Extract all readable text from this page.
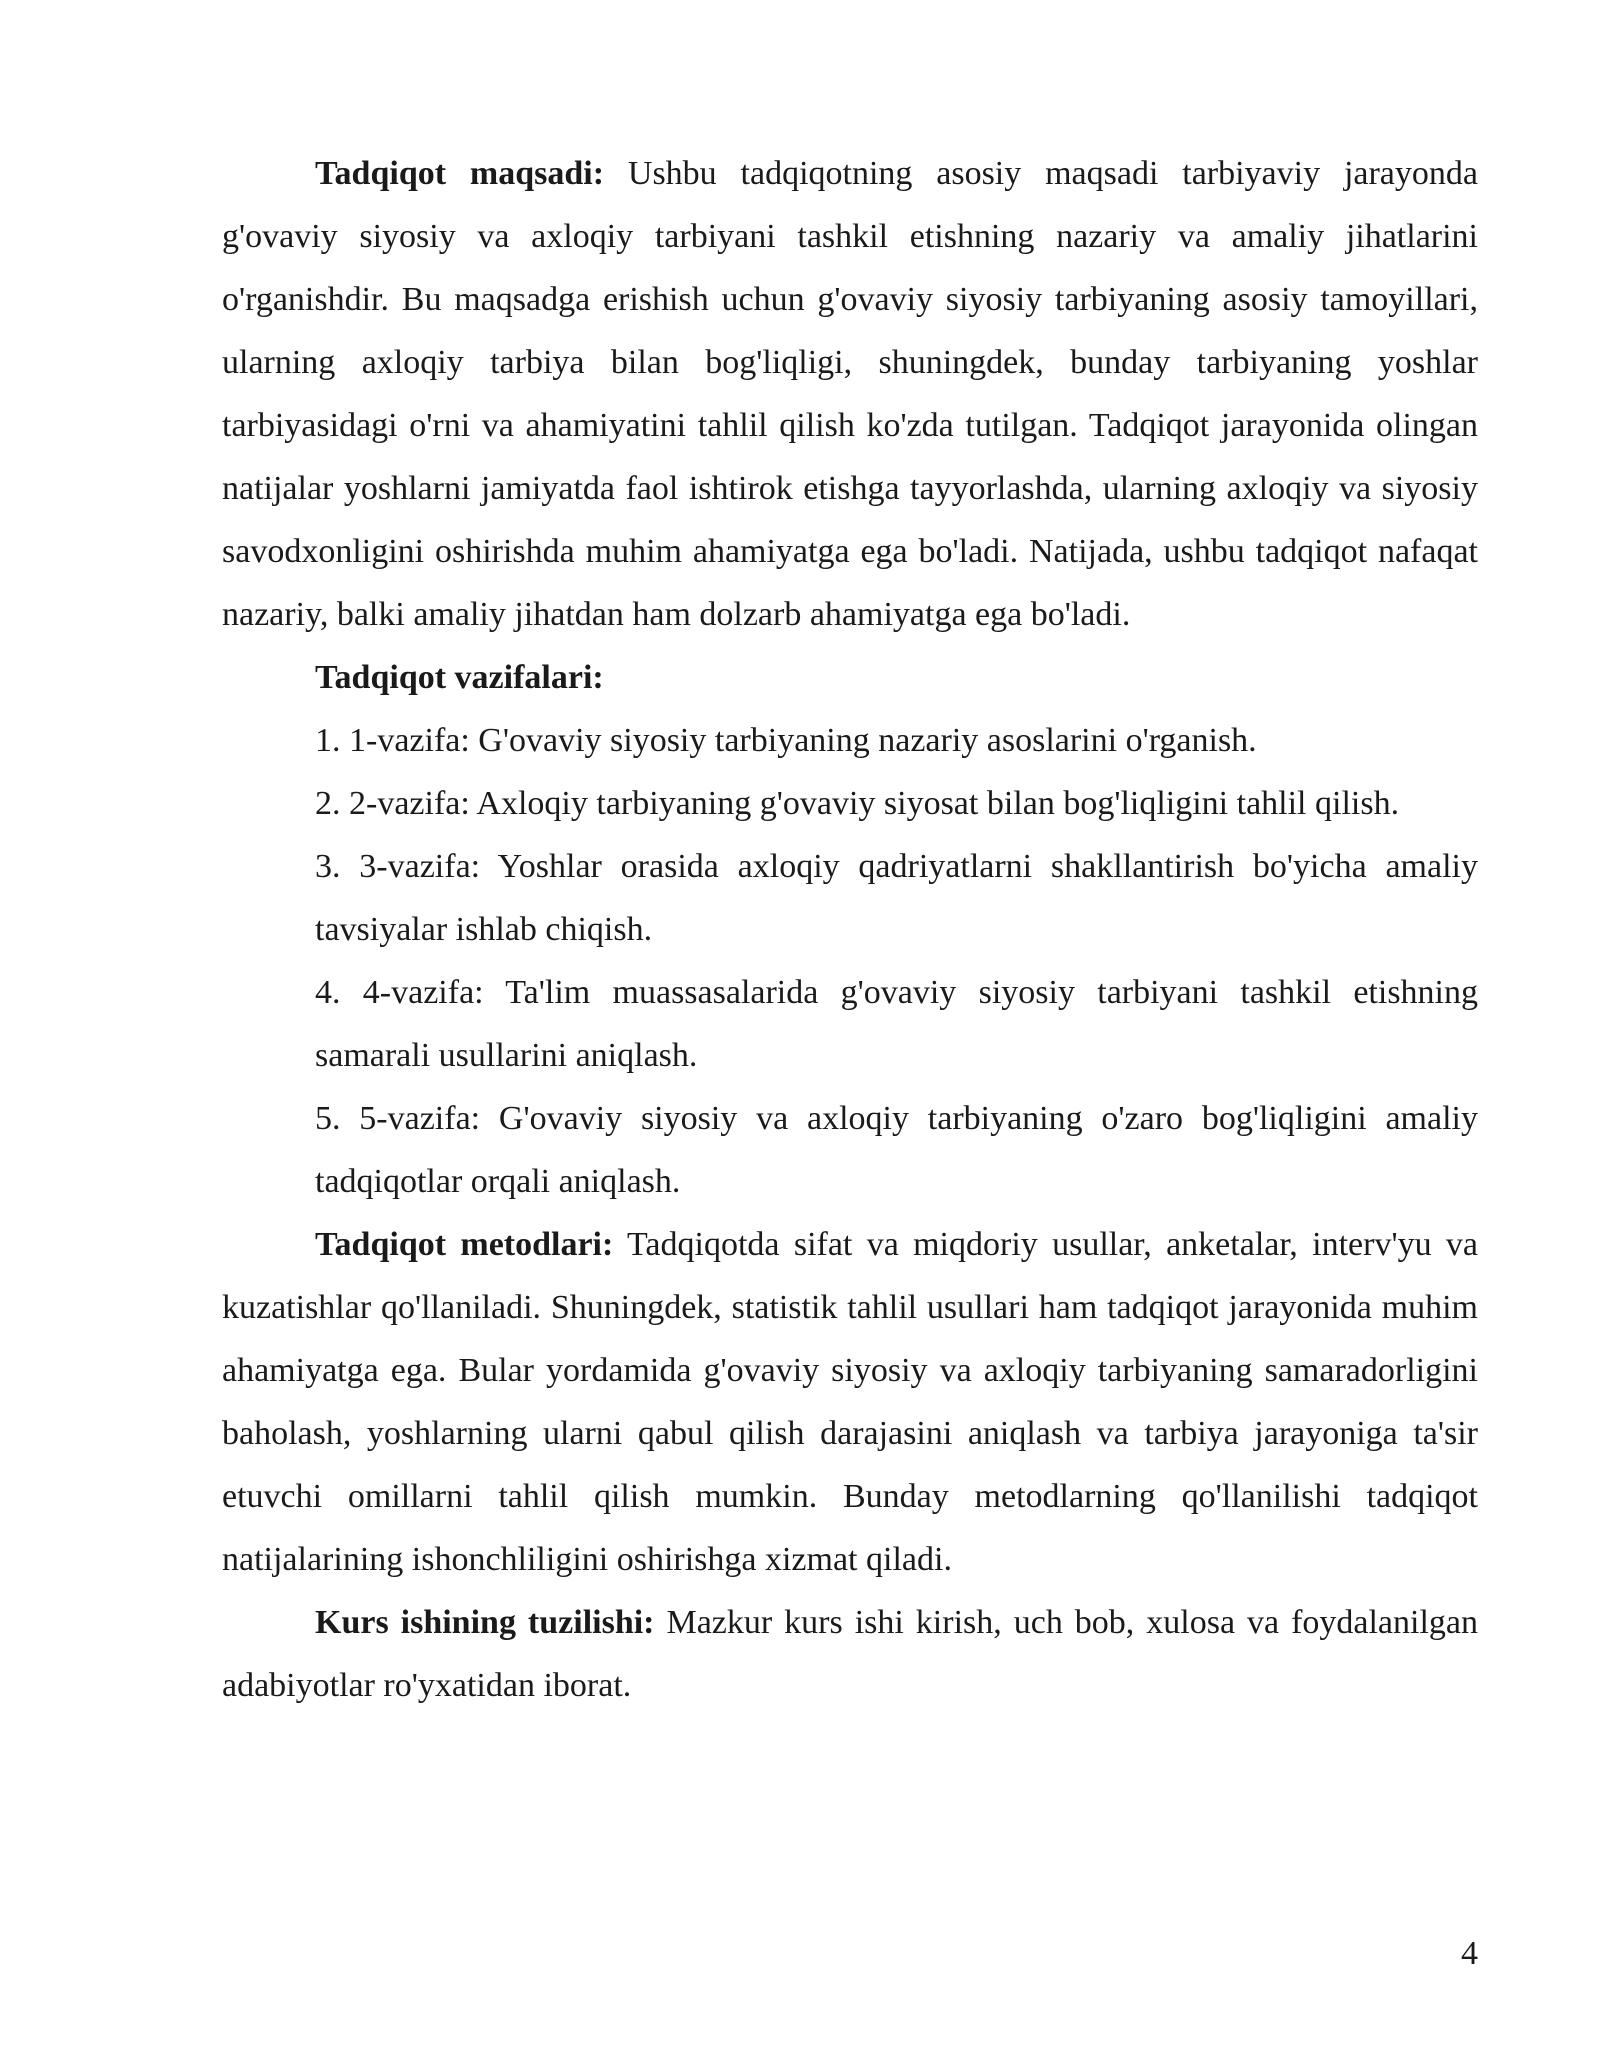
Tadqiqot maqsadi: Ushbu tadqiqotning asosiy maqsadi tarbiyaviy jarayonda g'ovaviy siyosiy va axloqiy tarbiyani tashkil etishning nazariy va amaliy jihatlarini o'rganishdir. Bu maqsadga erishish uchun g'ovaviy siyosiy tarbiyaning asosiy tamoyillari, ularning axloqiy tarbiya bilan bog'liqligi, shuningdek, bunday tarbiyaning yoshlar tarbiyasidagi o'rni va ahamiyatini tahlil qilish ko'zda tutilgan. Tadqiqot jarayonida olingan natijalar yoshlarni jamiyatda faol ishtirok etishga tayyorlashda, ularning axloqiy va siyosiy savodxonligini oshirishda muhim ahamiyatga ega bo'ladi. Natijada, ushbu tadqiqot nafaqat nazariy, balki amaliy jihatdan ham dolzarb ahamiyatga ega bo'ladi.

Tadqiqot vazifalari:

1. 1-vazifa: G'ovaviy siyosiy tarbiyaning nazariy asoslarini o'rganish.
2. 2-vazifa: Axloqiy tarbiyaning g'ovaviy siyosat bilan bog'liqligini tahlil qilish.
3. 3-vazifa: Yoshlar orasida axloqiy qadriyatlarni shakllantirish bo'yicha amaliy tavsiyalar ishlab chiqish.
4. 4-vazifa: Ta'lim muassasalarida g'ovaviy siyosiy tarbiyani tashkil etishning samarali usullarini aniqlash.
5. 5-vazifa: G'ovaviy siyosiy va axloqiy tarbiyaning o'zaro bog'liqligini amaliy tadqiqotlar orqali aniqlash.

Tadqiqot metodlari: Tadqiqotda sifat va miqdoriy usullar, anketalar, interv'yu va kuzatishlar qo'llaniladi. Shuningdek, statistik tahlil usullari ham tadqiqot jarayonida muhim ahamiyatga ega. Bular yordamida g'ovaviy siyosiy va axloqiy tarbiyaning samaradorligini baholash, yoshlarning ularni qabul qilish darajasini aniqlash va tarbiya jarayoniga ta'sir etuvchi omillarni tahlil qilish mumkin. Bunday metodlarning qo'llanilishi tadqiqot natijalarining ishonchliligini oshirishga xizmat qiladi.

Kurs ishining tuzilishi: Mazkur kurs ishi kirish, uch bob, xulosa va foydalanilgan adabiyotlar ro'yxatidan iborat.

4
